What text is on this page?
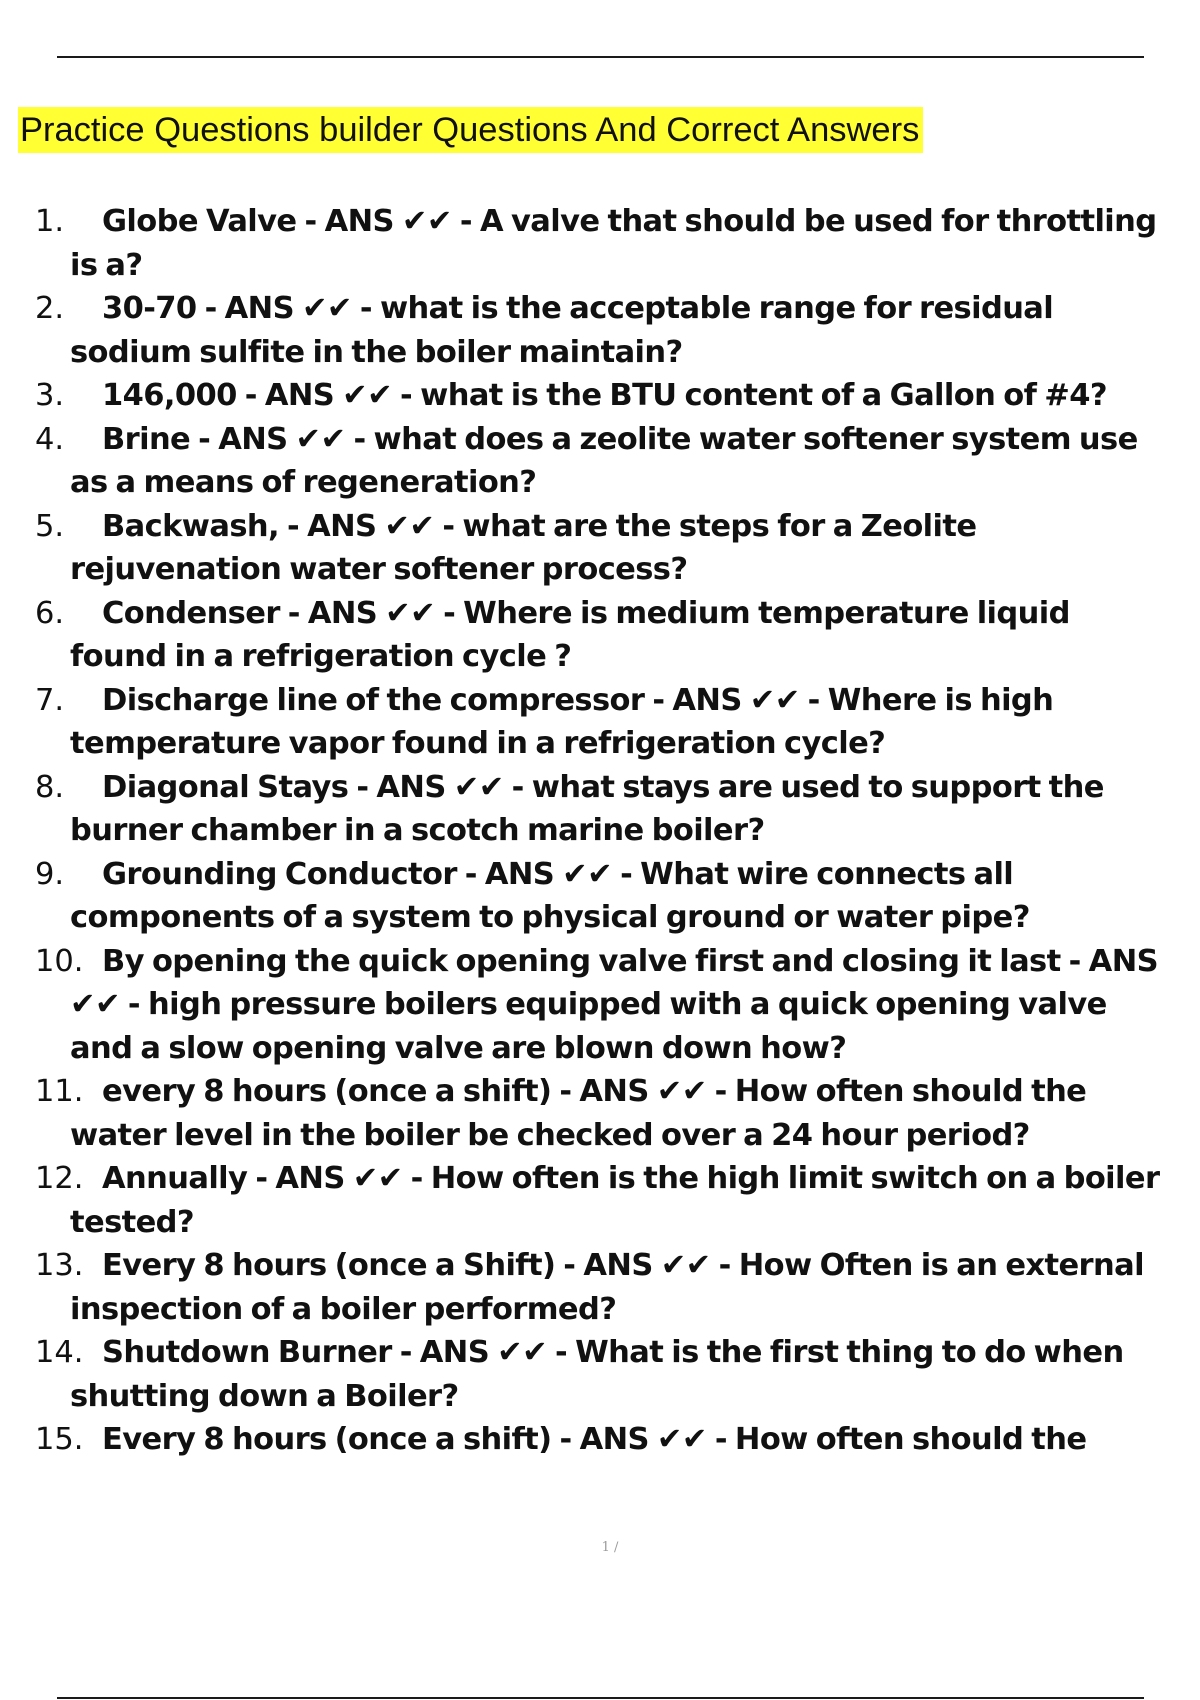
Practice Questions builder Questions And Correct Answers
1. Globe Valve - ANS ✔✔ - A valve that should be used for throttling is a?
2. 30-70 - ANS ✔✔ - what is the acceptable range for residual sodium sulfite in the boiler maintain?
3. 146,000 - ANS ✔✔ - what is the BTU content of a Gallon of #4?
4. Brine - ANS ✔✔ - what does a zeolite water softener system use as a means of regeneration?
5. Backwash, - ANS ✔✔ - what are the steps for a Zeolite rejuvenation water softener process?
6. Condenser - ANS ✔✔ - Where is medium temperature liquid found in a refrigeration cycle ?
7. Discharge line of the compressor - ANS ✔✔ - Where is high temperature vapor found in a refrigeration cycle?
8. Diagonal Stays - ANS ✔✔ - what stays are used to support the burner chamber in a scotch marine boiler?
9. Grounding Conductor - ANS ✔✔ - What wire connects all components of a system to physical ground or water pipe?
10. By opening the quick opening valve first and closing it last - ANS ✔✔ - high pressure boilers equipped with a quick opening valve and a slow opening valve are blown down how?
11. every 8 hours (once a shift) - ANS ✔✔ - How often should the water level in the boiler be checked over a 24 hour period?
12. Annually - ANS ✔✔ - How often is the high limit switch on a boiler tested?
13. Every 8 hours (once a Shift) - ANS ✔✔ - How Often is an external inspection of a boiler performed?
14. Shutdown Burner - ANS ✔✔ - What is the first thing to do when shutting down a Boiler?
15. Every 8 hours (once a shift) - ANS ✔✔ - How often should the
1 /
